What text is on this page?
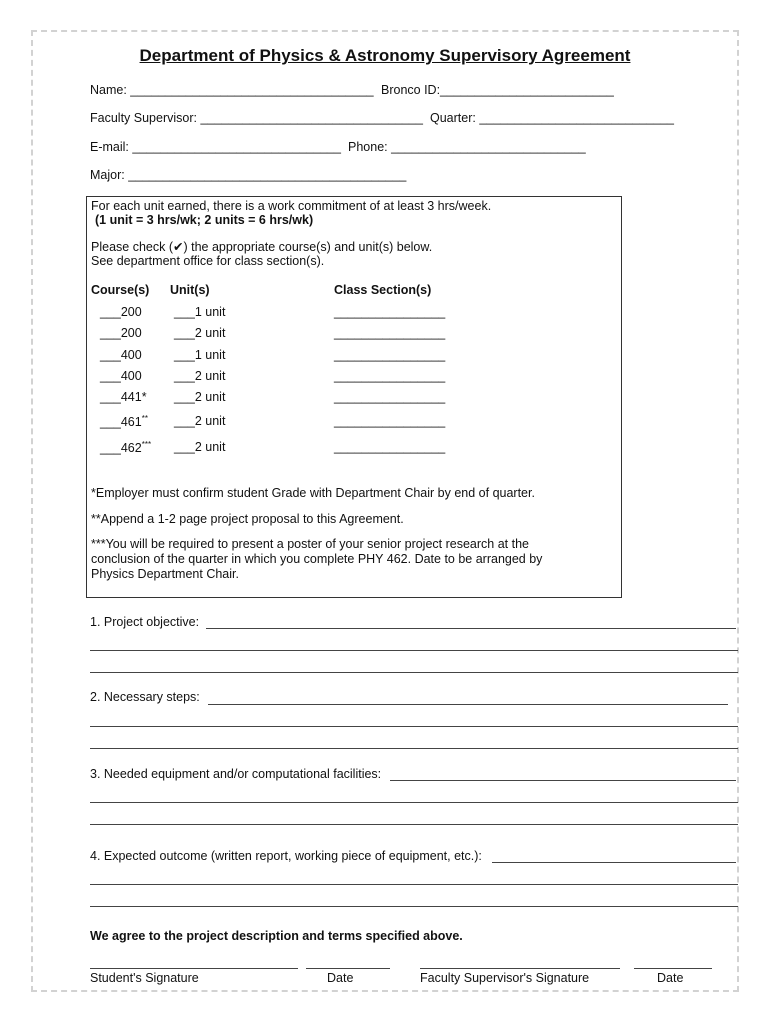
Department of Physics & Astronomy Supervisory Agreement
Name: ___________________________________ Bronco ID:_________________________
Faculty Supervisor: ________________________________ Quarter: ____________________________
E-mail: ______________________________ Phone: ____________________________
Major: ________________________________________
For each unit earned, there is a work commitment of at least 3 hrs/week.
(1 unit = 3 hrs/wk; 2 units = 6 hrs/wk)
Please check (✔) the appropriate course(s) and unit(s) below.
See department office for class section(s).
Course(s) Unit(s)	Class Section(s)
___200	___1 unit	________________
___200	___2 unit	________________
___400	___1 unit	________________
___400	___2 unit	________________
___441* ___2 unit	________________
___461** ___2 unit	________________
___462*** ___2 unit	________________
*Employer must confirm student Grade with Department Chair by end of quarter.
**Append a 1-2 page project proposal to this Agreement.
***You will be required to present a poster of your senior project research at the
conclusion of the quarter in which you complete PHY 462. Date to be arranged by
Physics Department Chair.
1. Project objective:
2. Necessary steps:
3. Needed equipment and/or computational facilities:
4. Expected outcome (written report, working piece of equipment, etc.):
We agree to the project description and terms specified above.
Student's Signature	Date	Faculty Supervisor's Signature	Date
